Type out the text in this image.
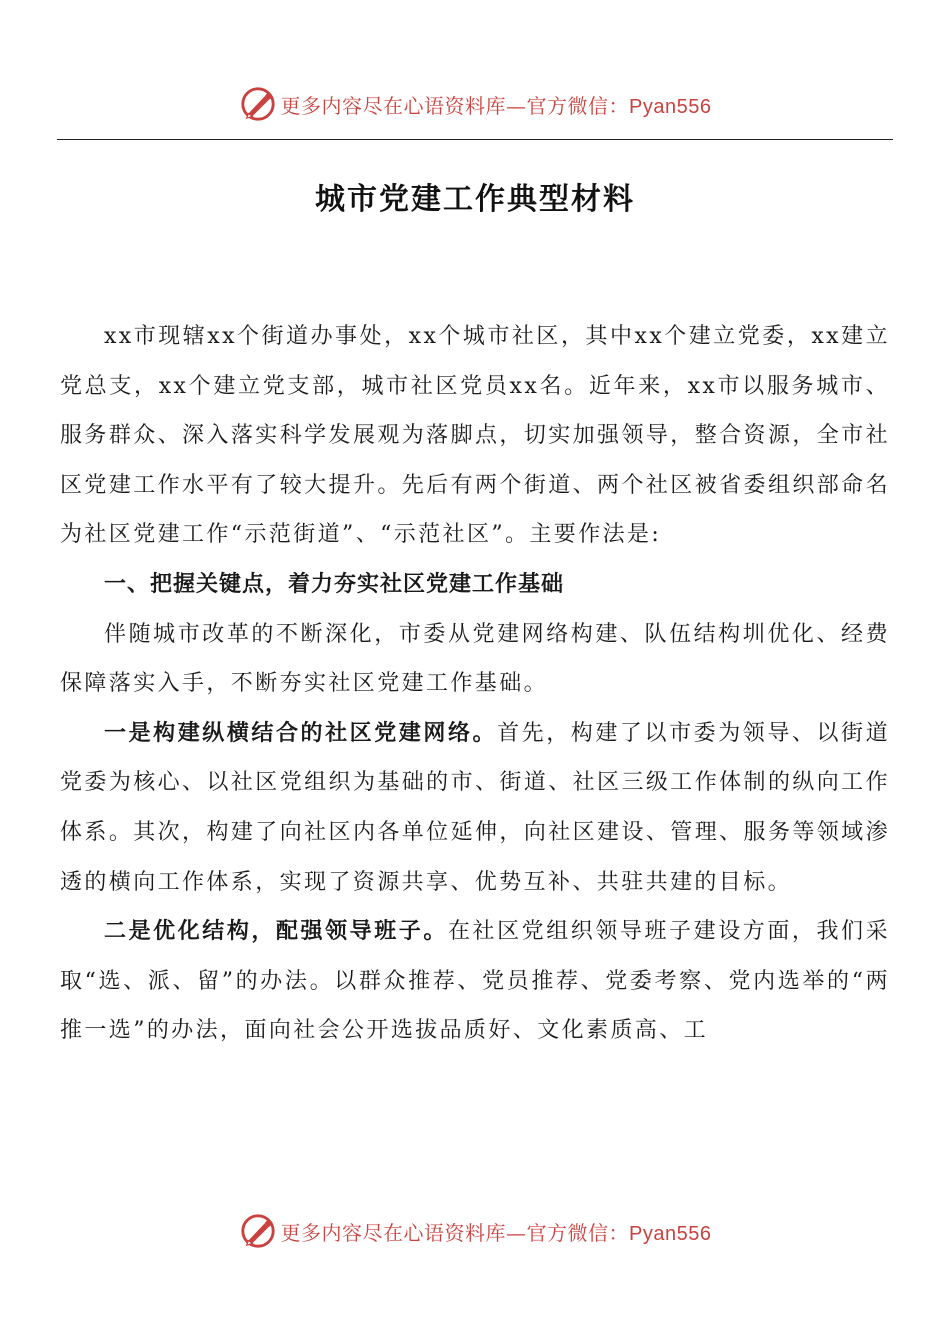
更多内容尽在心语资料库—官方微信：Pyan556
城市党建工作典型材料

xx市现辖xx个街道办事处，xx个城市社区，其中xx个建立党委，xx建立党总支，xx个建立党支部，城市社区党员xx名。近年来，xx市以服务城市、服务群众、深入落实科学发展观为落脚点，切实加强领导，整合资源，全市社区党建工作水平有了较大提升。先后有两个街道、两个社区被省委组织部命名为社区党建工作“示范街道”、“示范社区”。主要作法是:

一、把握关键点，着力夯实社区党建工作基础

伴随城市改革的不断深化，市委从党建网络构建、队伍结构圳优化、经费保障落实入手，不断夯实社区党建工作基础。

一是构建纵横结合的社区党建网络。首先，构建了以市委为领导、以街道党委为核心、以社区党组织为基础的市、街道、社区三级工作体制的纵向工作体系。其次，构建了向社区内各单位延伸，向社区建设、管理、服务等领域渗透的横向工作体系，实现了资源共享、优势互补、共驻共建的目标。

二是优化结构，配强领导班子。在社区党组织领导班子建设方面，我们采取“选、派、留”的办法。以群众推荐、党员推荐、党委考察、党内选举的“两推一选”的办法，面向社会公开选拔品质好、文化素质高、工

更多内容尽在心语资料库—官方微信：Pyan556
